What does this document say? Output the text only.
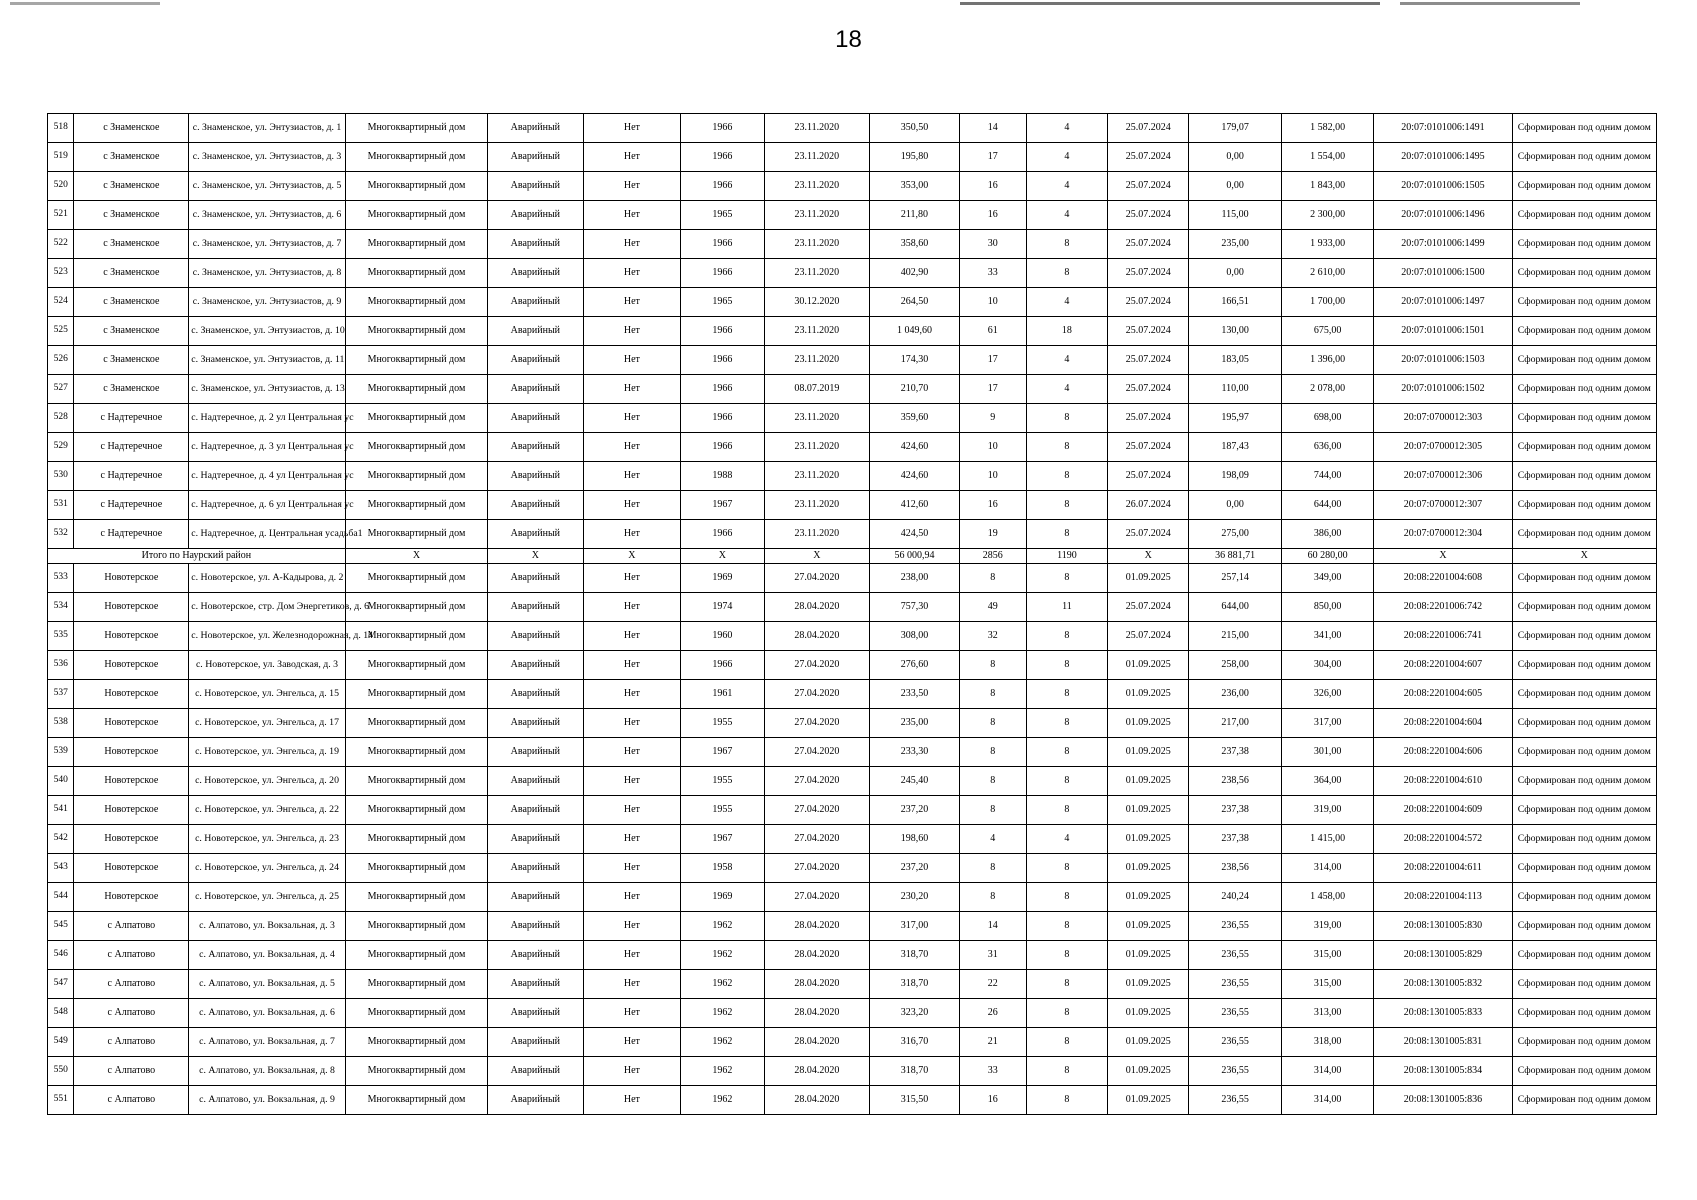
18
518	с Знаменское	с. Знаменское, ул. Энтузиастов, д. 1	Многоквартирный дом	Аварийный	Нет	1966	23.11.2020	350,50	14	4	25.07.2024	179,07	1 582,00	20:07:0101006:1491	Сформирован под одним домом
519	с Знаменское	с. Знаменское, ул. Энтузиастов, д. 3	Многоквартирный дом	Аварийный	Нет	1966	23.11.2020	195,80	17	4	25.07.2024	0,00	1 554,00	20:07:0101006:1495	Сформирован под одним домом
520	с Знаменское	с. Знаменское, ул. Энтузиастов, д. 5	Многоквартирный дом	Аварийный	Нет	1966	23.11.2020	353,00	16	4	25.07.2024	0,00	1 843,00	20:07:0101006:1505	Сформирован под одним домом
521	с Знаменское	с. Знаменское, ул. Энтузиастов, д. 6	Многоквартирный дом	Аварийный	Нет	1965	23.11.2020	211,80	16	4	25.07.2024	115,00	2 300,00	20:07:0101006:1496	Сформирован под одним домом
522	с Знаменское	с. Знаменское, ул. Энтузиастов, д. 7	Многоквартирный дом	Аварийный	Нет	1966	23.11.2020	358,60	30	8	25.07.2024	235,00	1 933,00	20:07:0101006:1499	Сформирован под одним домом
523	с Знаменское	с. Знаменское, ул. Энтузиастов, д. 8	Многоквартирный дом	Аварийный	Нет	1966	23.11.2020	402,90	33	8	25.07.2024	0,00	2 610,00	20:07:0101006:1500	Сформирован под одним домом
524	с Знаменское	с. Знаменское, ул. Энтузиастов, д. 9	Многоквартирный дом	Аварийный	Нет	1965	30.12.2020	264,50	10	4	25.07.2024	166,51	1 700,00	20:07:0101006:1497	Сформирован под одним домом
525	с Знаменское	с. Знаменское, ул. Энтузиастов, д. 10	Многоквартирный дом	Аварийный	Нет	1966	23.11.2020	1 049,60	61	18	25.07.2024	130,00	675,00	20:07:0101006:1501	Сформирован под одним домом
526	с Знаменское	с. Знаменское, ул. Энтузиастов, д. 11	Многоквартирный дом	Аварийный	Нет	1966	23.11.2020	174,30	17	4	25.07.2024	183,05	1 396,00	20:07:0101006:1503	Сформирован под одним домом
527	с Знаменское	с. Знаменское, ул. Энтузиастов, д. 13	Многоквартирный дом	Аварийный	Нет	1966	08.07.2019	210,70	17	4	25.07.2024	110,00	2 078,00	20:07:0101006:1502	Сформирован под одним домом
528	с Надтеречное	с. Надтеречное, д. 2 ул Центральная ус	Многоквартирный дом	Аварийный	Нет	1966	23.11.2020	359,60	9	8	25.07.2024	195,97	698,00	20:07:0700012:303	Сформирован под одним домом
529	с Надтеречное	с. Надтеречное, д. 3 ул Центральная ус	Многоквартирный дом	Аварийный	Нет	1966	23.11.2020	424,60	10	8	25.07.2024	187,43	636,00	20:07:0700012:305	Сформирован под одним домом
530	с Надтеречное	с. Надтеречное, д. 4 ул Центральная ус	Многоквартирный дом	Аварийный	Нет	1988	23.11.2020	424,60	10	8	25.07.2024	198,09	744,00	20:07:0700012:306	Сформирован под одним домом
531	с Надтеречное	с. Надтеречное, д. 6 ул Центральная ус	Многоквартирный дом	Аварийный	Нет	1967	23.11.2020	412,60	16	8	26.07.2024	0,00	644,00	20:07:0700012:307	Сформирован под одним домом
532	с Надтеречное	с. Надтеречное, д. Центральная усадьба1	Многоквартирный дом	Аварийный	Нет	1966	23.11.2020	424,50	19	8	25.07.2024	275,00	386,00	20:07:0700012:304	Сформирован под одним домом
Итого по Наурский район			X	X	X	X	X	56 000,94	2856	1190	X	36 881,71	60 280,00	X	X
533	Новотерское	с. Новотерское, ул. А-Кадырова, д. 2	Многоквартирный дом	Аварийный	Нет	1969	27.04.2020	238,00	8	8	01.09.2025	257,14	349,00	20:08:2201004:608	Сформирован под одним домом
534	Новотерское	с. Новотерское, стр. Дом Энергетиков, д. 6	Многоквартирный дом	Аварийный	Нет	1974	28.04.2020	757,30	49	11	25.07.2024	644,00	850,00	20:08:2201006:742	Сформирован под одним домом
535	Новотерское	с. Новотерское, ул. Железнодорожная, д. 14	Многоквартирный дом	Аварийный	Нет	1960	28.04.2020	308,00	32	8	25.07.2024	215,00	341,00	20:08:2201006:741	Сформирован под одним домом
536	Новотерское	с. Новотерское, ул. Заводская, д. 3	Многоквартирный дом	Аварийный	Нет	1966	27.04.2020	276,60	8	8	01.09.2025	258,00	304,00	20:08:2201004:607	Сформирован под одним домом
537	Новотерское	с. Новотерское, ул. Энгельса, д. 15	Многоквартирный дом	Аварийный	Нет	1961	27.04.2020	233,50	8	8	01.09.2025	236,00	326,00	20:08:2201004:605	Сформирован под одним домом
538	Новотерское	с. Новотерское, ул. Энгельса, д. 17	Многоквартирный дом	Аварийный	Нет	1955	27.04.2020	235,00	8	8	01.09.2025	217,00	317,00	20:08:2201004:604	Сформирован под одним домом
539	Новотерское	с. Новотерское, ул. Энгельса, д. 19	Многоквартирный дом	Аварийный	Нет	1967	27.04.2020	233,30	8	8	01.09.2025	237,38	301,00	20:08:2201004:606	Сформирован под одним домом
540	Новотерское	с. Новотерское, ул. Энгельса, д. 20	Многоквартирный дом	Аварийный	Нет	1955	27.04.2020	245,40	8	8	01.09.2025	238,56	364,00	20:08:2201004:610	Сформирован под одним домом
541	Новотерское	с. Новотерское, ул. Энгельса, д. 22	Многоквартирный дом	Аварийный	Нет	1955	27.04.2020	237,20	8	8	01.09.2025	237,38	319,00	20:08:2201004:609	Сформирован под одним домом
542	Новотерское	с. Новотерское, ул. Энгельса, д. 23	Многоквартирный дом	Аварийный	Нет	1967	27.04.2020	198,60	4	4	01.09.2025	237,38	1 415,00	20:08:2201004:572	Сформирован под одним домом
543	Новотерское	с. Новотерское, ул. Энгельса, д. 24	Многоквартирный дом	Аварийный	Нет	1958	27.04.2020	237,20	8	8	01.09.2025	238,56	314,00	20:08:2201004:611	Сформирован под одним домом
544	Новотерское	с. Новотерское, ул. Энгельса, д. 25	Многоквартирный дом	Аварийный	Нет	1969	27.04.2020	230,20	8	8	01.09.2025	240,24	1 458,00	20:08:2201004:113	Сформирован под одним домом
545	с Алпатово	с. Алпатово, ул. Вокзальная, д. 3	Многоквартирный дом	Аварийный	Нет	1962	28.04.2020	317,00	14	8	01.09.2025	236,55	319,00	20:08:1301005:830	Сформирован под одним домом
546	с Алпатово	с. Алпатово, ул. Вокзальная, д. 4	Многоквартирный дом	Аварийный	Нет	1962	28.04.2020	318,70	31	8	01.09.2025	236,55	315,00	20:08:1301005:829	Сформирован под одним домом
547	с Алпатово	с. Алпатово, ул. Вокзальная, д. 5	Многоквартирный дом	Аварийный	Нет	1962	28.04.2020	318,70	22	8	01.09.2025	236,55	315,00	20:08:1301005:832	Сформирован под одним домом
548	с Алпатово	с. Алпатово, ул. Вокзальная, д. 6	Многоквартирный дом	Аварийный	Нет	1962	28.04.2020	323,20	26	8	01.09.2025	236,55	313,00	20:08:1301005:833	Сформирован под одним домом
549	с Алпатово	с. Алпатово, ул. Вокзальная, д. 7	Многоквартирный дом	Аварийный	Нет	1962	28.04.2020	316,70	21	8	01.09.2025	236,55	318,00	20:08:1301005:831	Сформирован под одним домом
550	с Алпатово	с. Алпатово, ул. Вокзальная, д. 8	Многоквартирный дом	Аварийный	Нет	1962	28.04.2020	318,70	33	8	01.09.2025	236,55	314,00	20:08:1301005:834	Сформирован под одним домом
551	с Алпатово	с. Алпатово, ул. Вокзальная, д. 9	Многоквартирный дом	Аварийный	Нет	1962	28.04.2020	315,50	16	8	01.09.2025	236,55	314,00	20:08:1301005:836	Сформирован под одним домом
